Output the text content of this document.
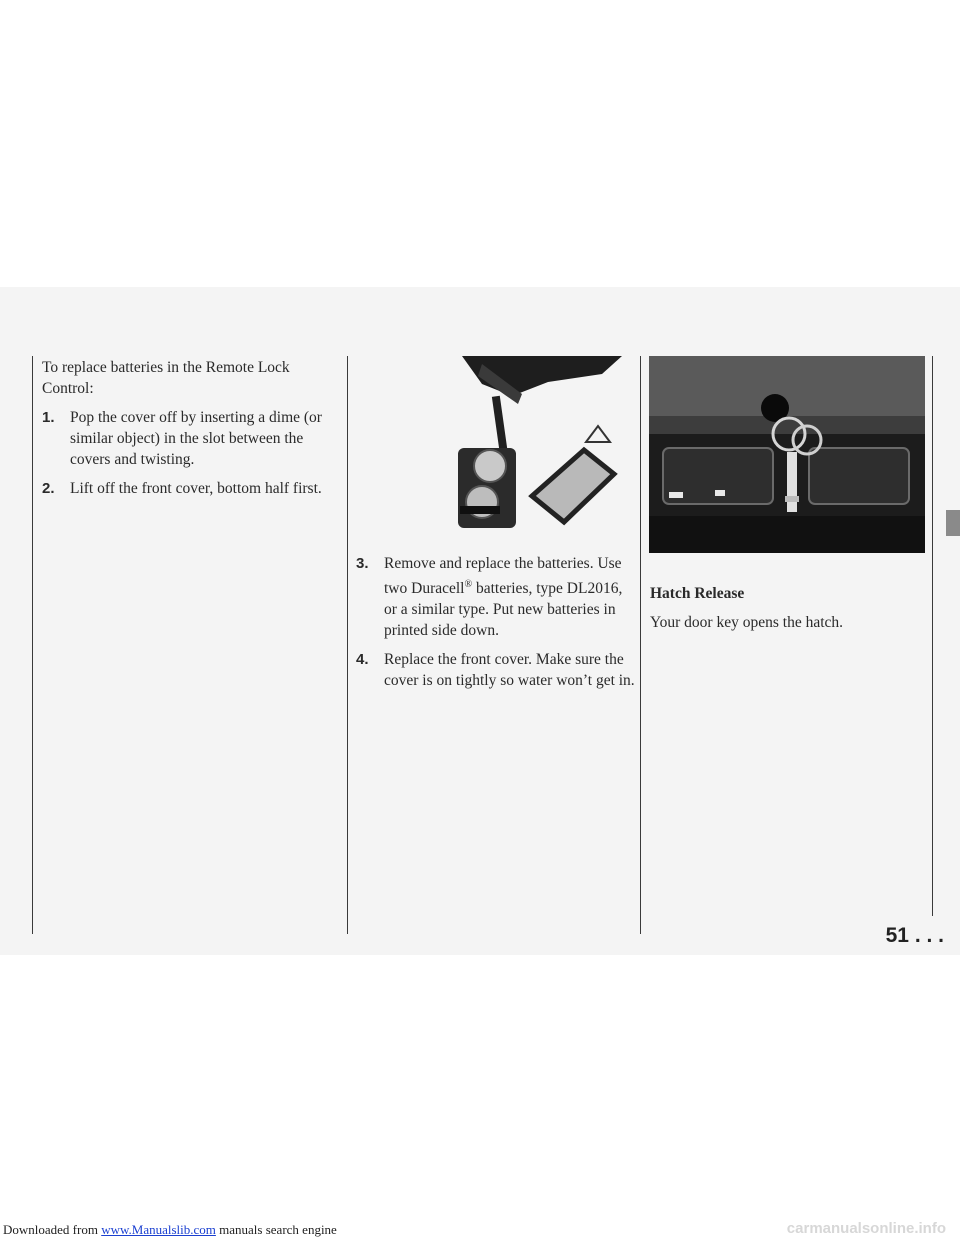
To replace batteries in the Remote Lock Control:

1. Pop the cover off by inserting a dime (or similar object) in the slot between the covers and twisting.
2. Lift off the front cover, bottom half first.
3. Remove and replace the batteries. Use two Duracell® batteries, type DL2016, or a similar type. Put new batteries in printed side down.
4. Replace the front cover. Make sure the cover is on tightly so water won’t get in.

Hatch Release

Your door key opens the hatch.

51 . . .
Downloaded from www.Manualslib.com manuals search engine	carmanualsonline.info
